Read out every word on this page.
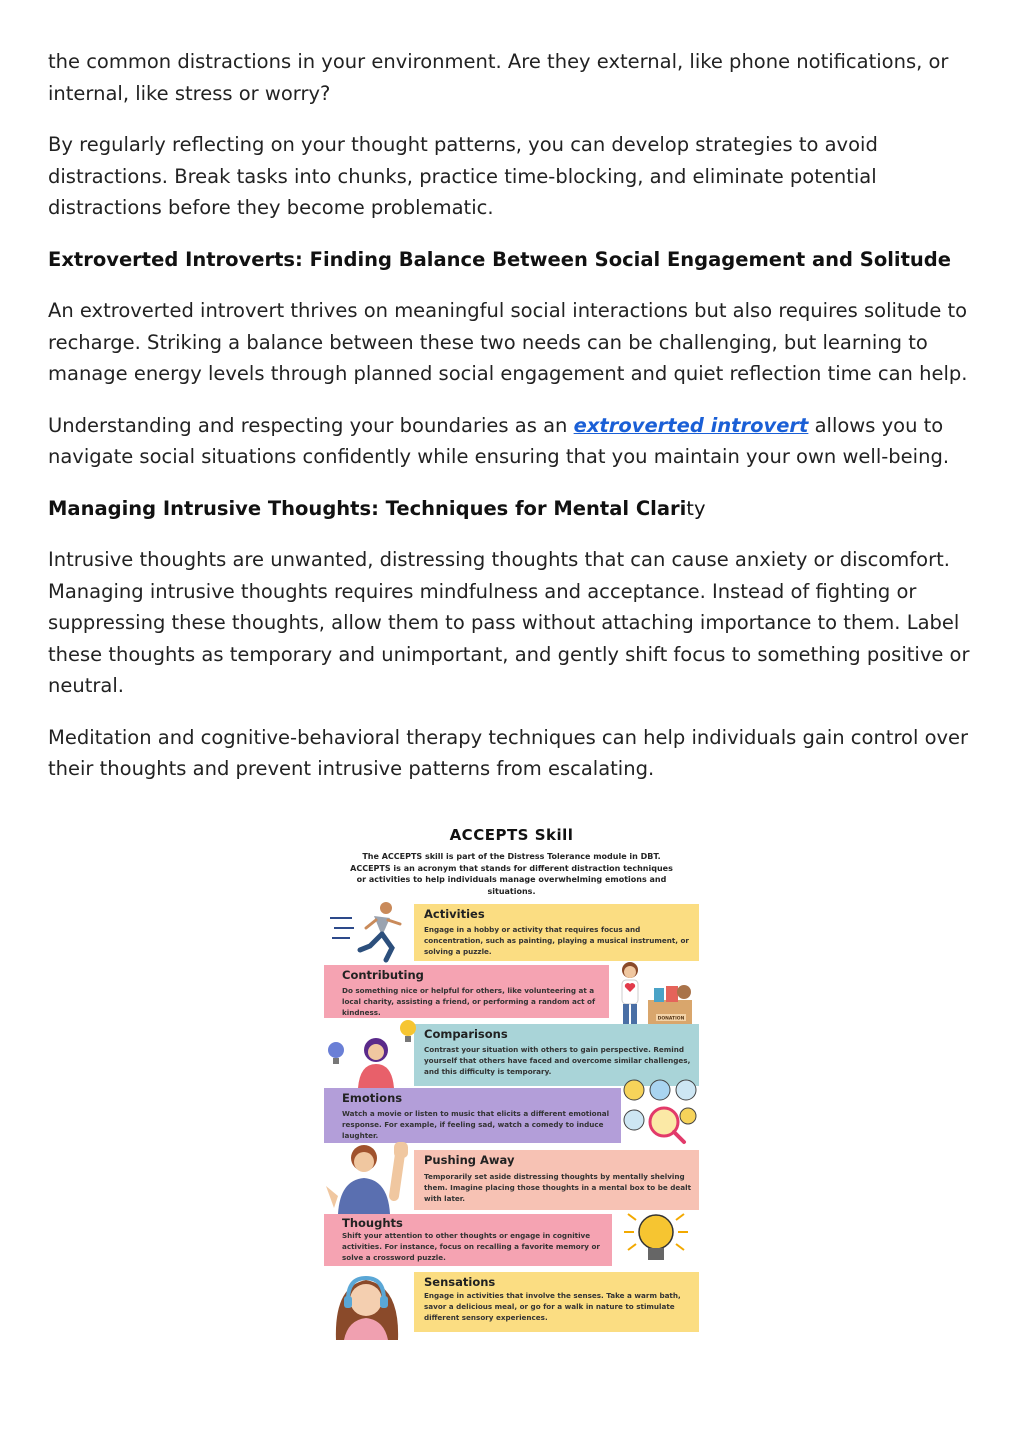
the common distractions in your environment. Are they external, like phone notifications, or internal, like stress or worry?

By regularly reflecting on your thought patterns, you can develop strategies to avoid distractions. Break tasks into chunks, practice time-blocking, and eliminate potential distractions before they become problematic.

Extroverted Introverts: Finding Balance Between Social Engagement and Solitude

An extroverted introvert thrives on meaningful social interactions but also requires solitude to recharge. Striking a balance between these two needs can be challenging, but learning to manage energy levels through planned social engagement and quiet reflection time can help.

Understanding and respecting your boundaries as an extroverted introvert allows you to navigate social situations confidently while ensuring that you maintain your own well-being.

Managing Intrusive Thoughts: Techniques for Mental Clarity

Intrusive thoughts are unwanted, distressing thoughts that can cause anxiety or discomfort. Managing intrusive thoughts requires mindfulness and acceptance. Instead of fighting or suppressing these thoughts, allow them to pass without attaching importance to them. Label these thoughts as temporary and unimportant, and gently shift focus to something positive or neutral.

Meditation and cognitive-behavioral therapy techniques can help individuals gain control over their thoughts and prevent intrusive patterns from escalating.

ACCEPTS Skill
The ACCEPTS skill is part of the Distress Tolerance module in DBT. ACCEPTS is an acronym that stands for different distraction techniques or activities to help individuals manage overwhelming emotions and situations.
Activities
Engage in a hobby or activity that requires focus and concentration, such as painting, playing a musical instrument, or solving a puzzle.
Contributing
Do something nice or helpful for others, like volunteering at a local charity, assisting a friend, or performing a random act of kindness.
DONATION
Comparisons
Contrast your situation with others to gain perspective. Remind yourself that others have faced and overcome similar challenges, and this difficulty is temporary.
Emotions
Watch a movie or listen to music that elicits a different emotional response. For example, if feeling sad, watch a comedy to induce laughter.
Pushing Away
Temporarily set aside distressing thoughts by mentally shelving them. Imagine placing those thoughts in a mental box to be dealt with later.
Thoughts
Shift your attention to other thoughts or engage in cognitive activities. For instance, focus on recalling a favorite memory or solve a crossword puzzle.
Sensations
Engage in activities that involve the senses. Take a warm bath, savor a delicious meal, or go for a walk in nature to stimulate different sensory experiences.
